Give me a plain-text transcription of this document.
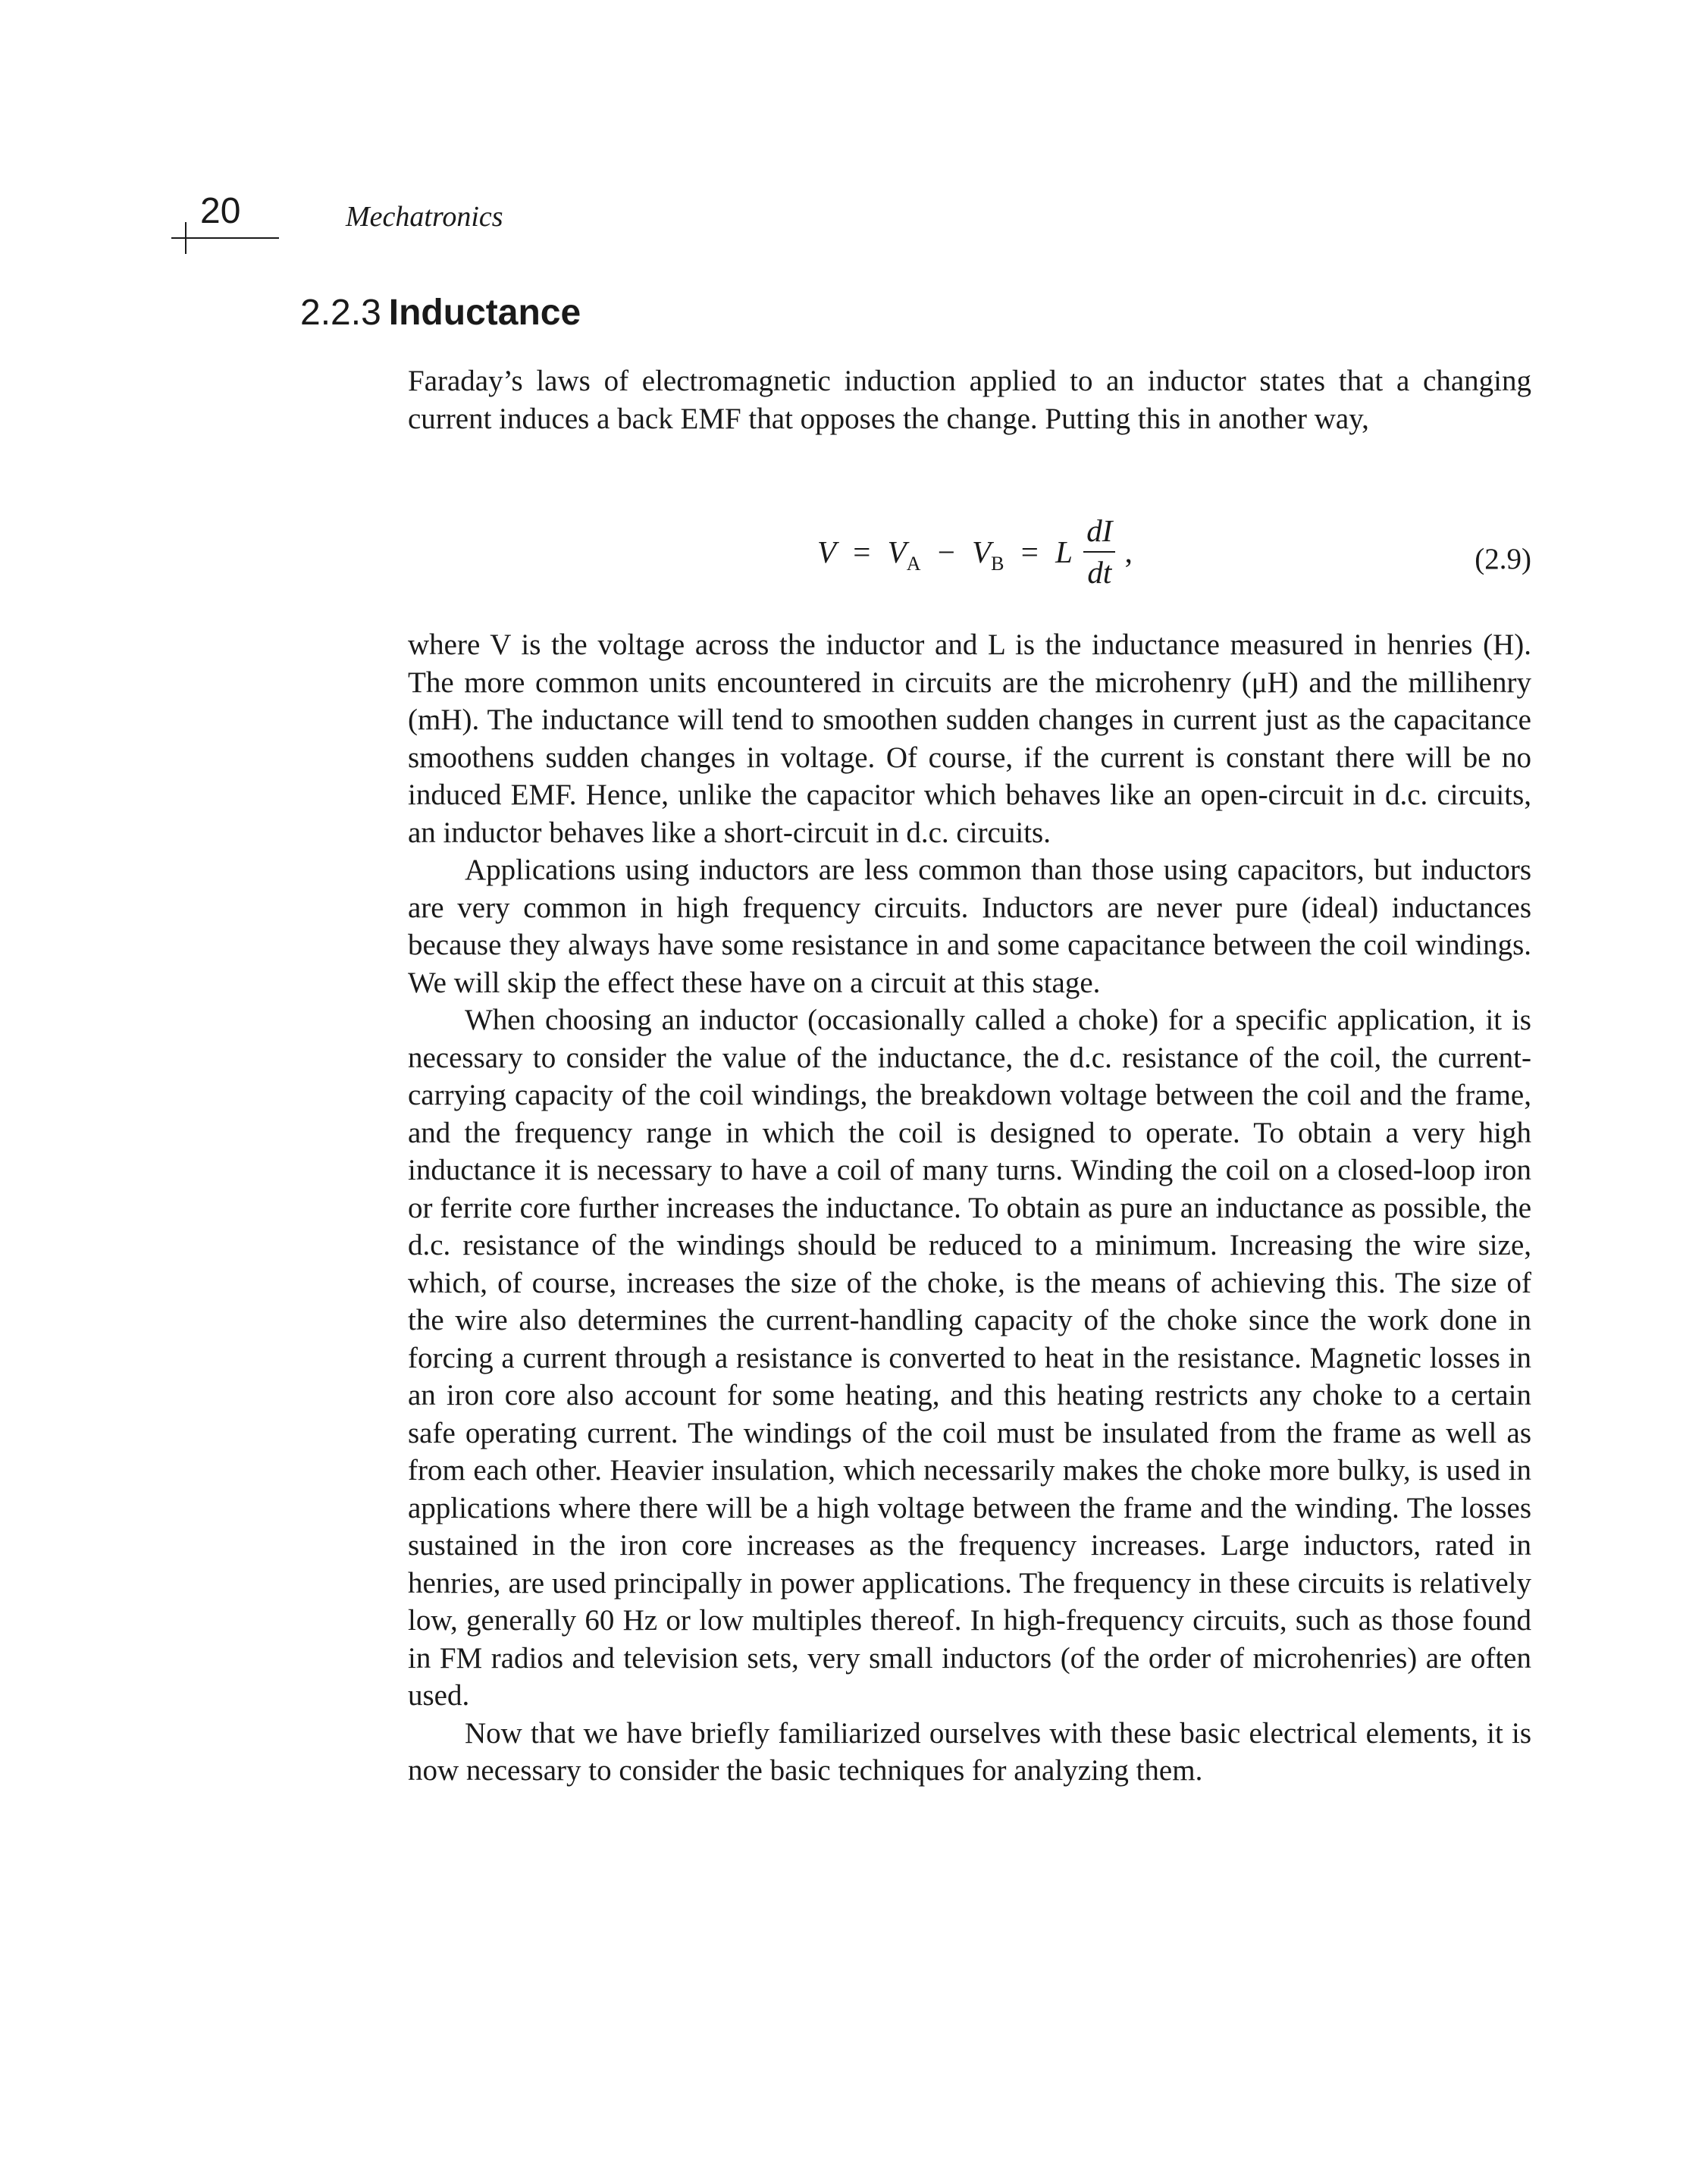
20	Mechatronics
2.2.3 Inductance

Faraday’s laws of electromagnetic induction applied to an inductor states that a changing current induces a back EMF that opposes the change. Putting this in another way,

$V = V_A - V_B = L \frac{dI}{dt}$ ,	(2.9)

where V is the voltage across the inductor and L is the inductance measured in henries (H). The more common units encountered in circuits are the microhenry (μH) and the millihenry (mH). The inductance will tend to smoothen sudden changes in current just as the capacitance smoothens sudden changes in voltage. Of course, if the current is constant there will be no induced EMF. Hence, unlike the capacitor which behaves like an open-circuit in d.c. circuits, an inductor behaves like a short-circuit in d.c. circuits.

Applications using inductors are less common than those using capacitors, but inductors are very common in high frequency circuits. Inductors are never pure (ideal) inductances because they always have some resistance in and some capacitance between the coil windings. We will skip the effect these have on a circuit at this stage.

When choosing an inductor (occasionally called a choke) for a specific application, it is necessary to consider the value of the inductance, the d.c. resistance of the coil, the current-carrying capacity of the coil windings, the breakdown voltage between the coil and the frame, and the frequency range in which the coil is designed to operate. To obtain a very high inductance it is necessary to have a coil of many turns. Winding the coil on a closed-loop iron or ferrite core further increases the inductance. To obtain as pure an inductance as possible, the d.c. resistance of the windings should be reduced to a minimum. Increasing the wire size, which, of course, increases the size of the choke, is the means of achieving this. The size of the wire also determines the current-handling capacity of the choke since the work done in forcing a current through a resistance is converted to heat in the resistance. Magnetic losses in an iron core also account for some heating, and this heating restricts any choke to a certain safe operating current. The windings of the coil must be insulated from the frame as well as from each other. Heavier insulation, which necessarily makes the choke more bulky, is used in applications where there will be a high voltage between the frame and the winding. The losses sustained in the iron core increases as the frequency increases. Large inductors, rated in henries, are used principally in power applications. The frequency in these circuits is relatively low, generally 60 Hz or low multiples thereof. In high-frequency circuits, such as those found in FM radios and television sets, very small inductors (of the order of microhenries) are often used.

Now that we have briefly familiarized ourselves with these basic electrical elements, it is now necessary to consider the basic techniques for analyzing them.
